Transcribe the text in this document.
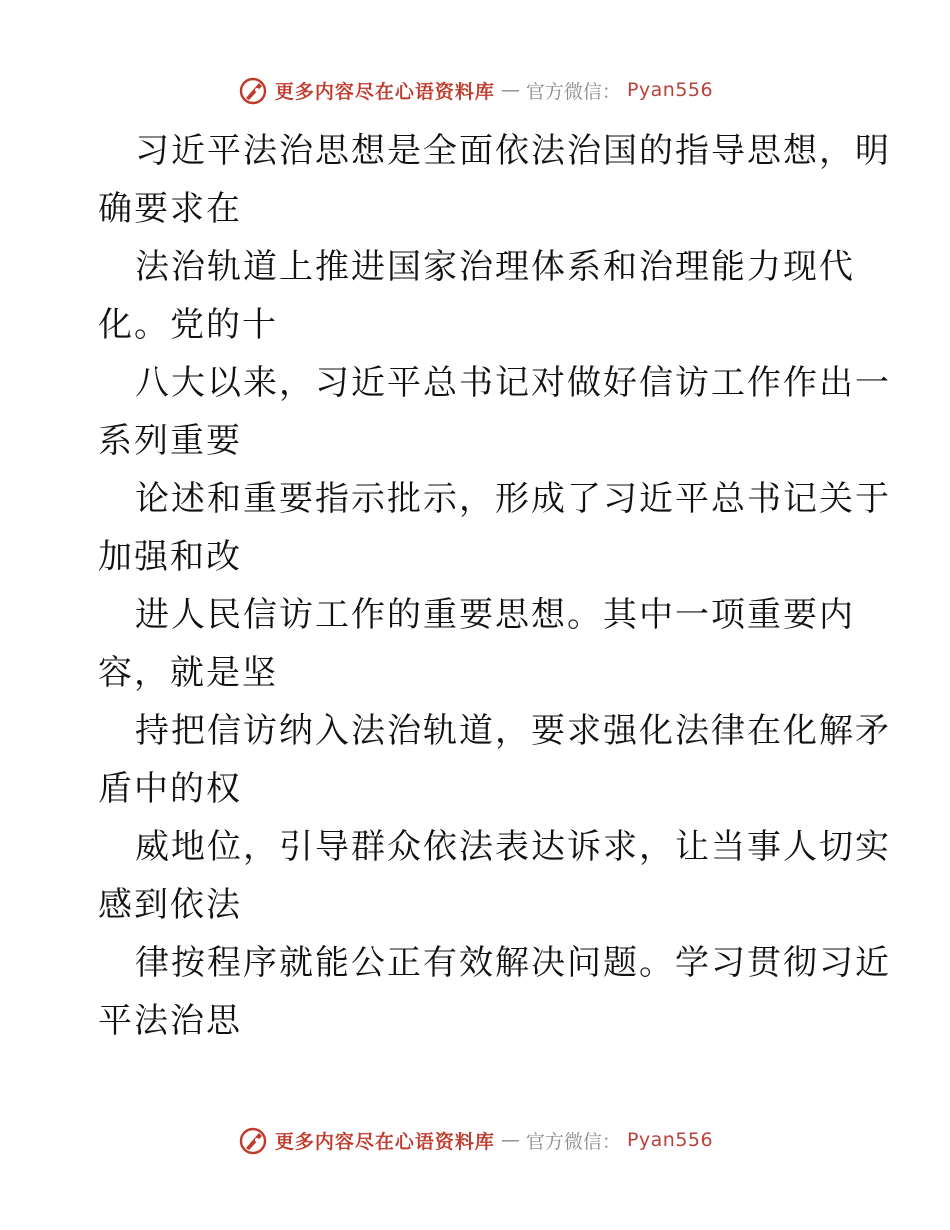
更多内容尽在心语资料库 — 官方微信： Pyan556
习近平法治思想是全面依法治国的指导思想，明
确要求在
法治轨道上推进国家治理体系和治理能力现代
化。党的十
八大以来，习近平总书记对做好信访工作作出一
系列重要
论述和重要指示批示，形成了习近平总书记关于
加强和改
进人民信访工作的重要思想。其中一项重要内
容，就是坚
持把信访纳入法治轨道，要求强化法律在化解矛
盾中的权
威地位，引导群众依法表达诉求，让当事人切实
感到依法
律按程序就能公正有效解决问题。学习贯彻习近
平法治思
更多内容尽在心语资料库 — 官方微信： Pyan556
